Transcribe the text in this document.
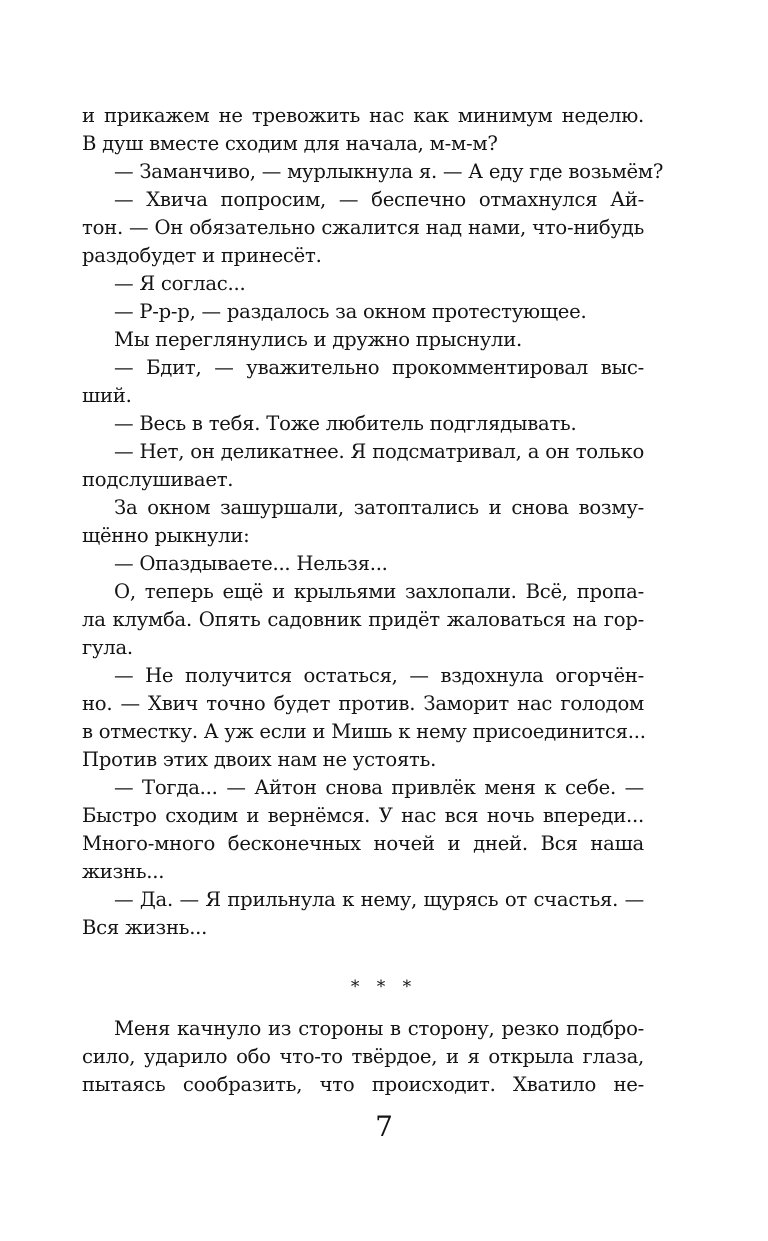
и прикажем не тревожить нас как минимум неделю.
В душ вместе сходим для начала, м-м-м?
— Заманчиво, — мурлыкнула я. — А еду где возьмём?
— Хвича попросим, — беспечно отмахнулся Ай-
тон. — Он обязательно сжалится над нами, что-нибудь
раздобудет и принесёт.
— Я соглас...
— Р-р-р, — раздалось за окном протестующее.
Мы переглянулись и дружно прыснули.
— Бдит, — уважительно прокомментировал выс-
ший.
— Весь в тебя. Тоже любитель подглядывать.
— Нет, он деликатнее. Я подсматривал, а он только
подслушивает.
За окном зашуршали, затоптались и снова возму-
щённо рыкнули:
— Опаздываете... Нельзя...
О, теперь ещё и крыльями захлопали. Всё, пропа-
ла клумба. Опять садовник придёт жаловаться на гор-
гула.
— Не получится остаться, — вздохнула огорчён-
но. — Хвич точно будет против. Заморит нас голодом
в отместку. А уж если и Мишь к нему присоединится...
Против этих двоих нам не устоять.
— Тогда... — Айтон снова привлёк меня к себе. —
Быстро сходим и вернёмся. У нас вся ночь впереди...
Много-много бесконечных ночей и дней. Вся наша
жизнь...
— Да. — Я прильнула к нему, щурясь от счастья. —
Вся жизнь...
* * *
Меня качнуло из стороны в сторону, резко подбро-
сило, ударило обо что-то твёрдое, и я открыла глаза,
пытаясь сообразить, что происходит. Хватило не-
7
